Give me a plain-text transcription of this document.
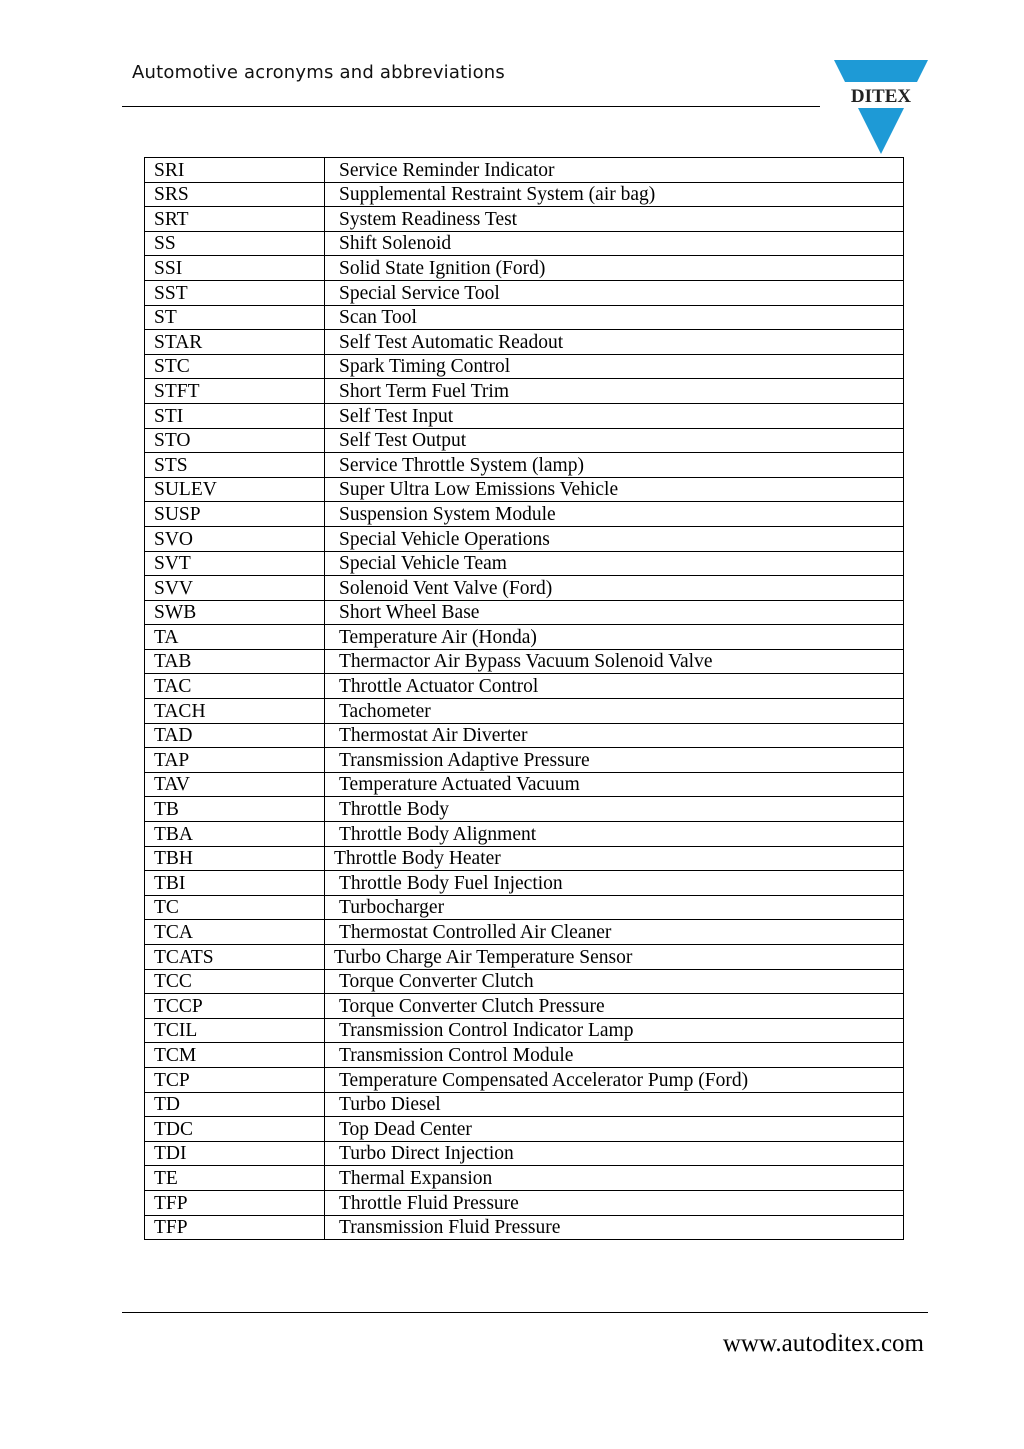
Automotive acronyms and abbreviations
DITEX
SRI	Service Reminder Indicator
SRS	Supplemental Restraint System (air bag)
SRT	System Readiness Test
SS	Shift Solenoid
SSI	Solid State Ignition (Ford)
SST	Special Service Tool
ST	Scan Tool
STAR	Self Test Automatic Readout
STC	Spark Timing Control
STFT	Short Term Fuel Trim
STI	Self Test Input
STO	Self Test Output
STS	Service Throttle System (lamp)
SULEV	Super Ultra Low Emissions Vehicle
SUSP	Suspension System Module
SVO	Special Vehicle Operations
SVT	Special Vehicle Team
SVV	Solenoid Vent Valve (Ford)
SWB	Short Wheel Base
TA	Temperature Air (Honda)
TAB	Thermactor Air Bypass Vacuum Solenoid Valve
TAC	Throttle Actuator Control
TACH	Tachometer
TAD	Thermostat Air Diverter
TAP	Transmission Adaptive Pressure
TAV	Temperature Actuated Vacuum
TB	Throttle Body
TBA	Throttle Body Alignment
TBH	Throttle Body Heater
TBI	Throttle Body Fuel Injection
TC	Turbocharger
TCA	Thermostat Controlled Air Cleaner
TCATS	Turbo Charge Air Temperature Sensor
TCC	Torque Converter Clutch
TCCP	Torque Converter Clutch Pressure
TCIL	Transmission Control Indicator Lamp
TCM	Transmission Control Module
TCP	Temperature Compensated Accelerator Pump (Ford)
TD	Turbo Diesel
TDC	Top Dead Center
TDI	Turbo Direct Injection
TE	Thermal Expansion
TFP	Throttle Fluid Pressure
TFP	Transmission Fluid Pressure
www.autoditex.com
